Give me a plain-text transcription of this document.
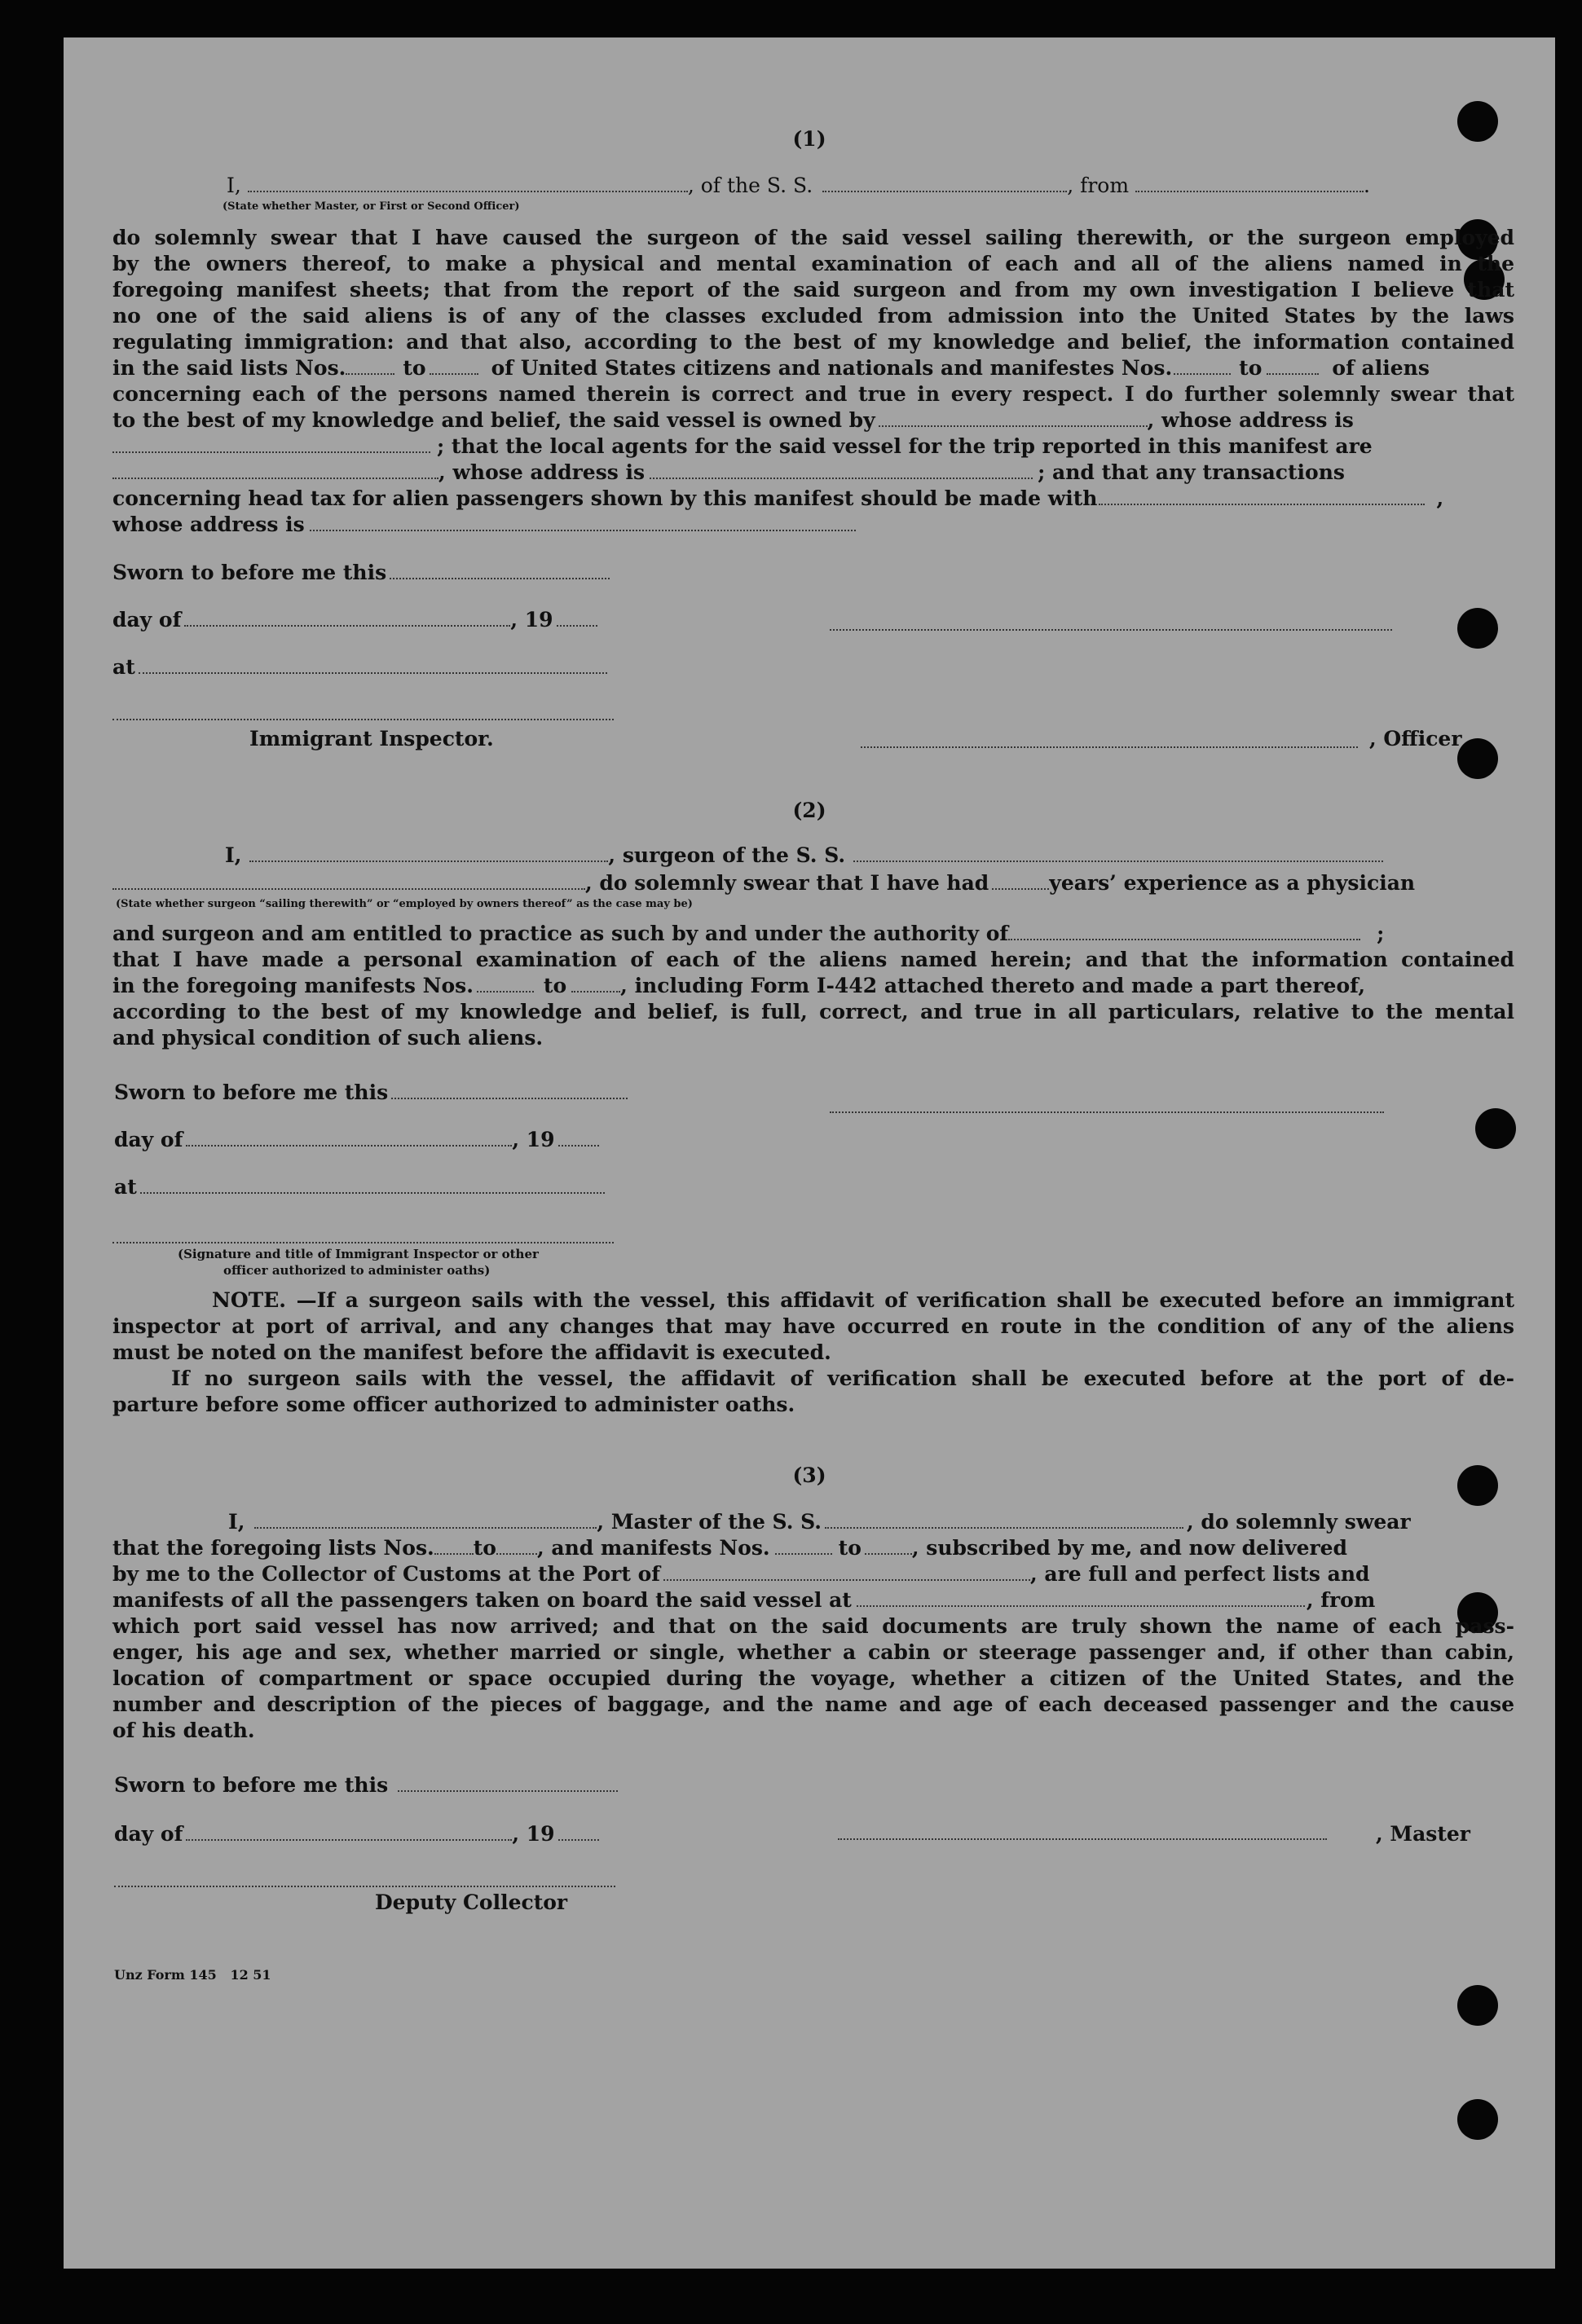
(1)
I,	, of the S. S.	, from	.
(State whether Master, or First or Second Officer)
do solemnly swear that I have caused the surgeon of the said vessel sailing therewith, or the surgeon employed
by the owners thereof, to make a physical and mental examination of each and all of the aliens named in the
foregoing manifest sheets; that from the report of the said surgeon and from my own investigation I believe that
no one of the said aliens is of any of the classes excluded from admission into the United States by the laws
regulating immigration: and that also, according to the best of my knowledge and belief, the information contained
in the said lists Nos.	to	of United States citizens and nationals and manifestes Nos.	to	of aliens
concerning each of the persons named therein is correct and true in every respect. I do further solemnly swear that
to the best of my knowledge and belief, the said vessel is owned by	, whose address is
; that the local agents for the said vessel for the trip reported in this manifest are
, whose address is	; and that any transactions
concerning head tax for alien passengers shown by this manifest should be made with	,
whose address is
Sworn to before me this
day of	, 19
at
Immigrant Inspector.	, Officer
(2)
I,	, surgeon of the S. S.
, do solemnly swear that I have had	years’ experience as a physician
(State whether surgeon “sailing therewith” or “employed by owners thereof” as the case may be)
and surgeon and am entitled to practice as such by and under the authority of	;
that I have made a personal examination of each of the aliens named herein; and that the information contained
in the foregoing manifests Nos.	to	, including Form I-442 attached thereto and made a part thereof,
according to the best of my knowledge and belief, is full, correct, and true in all particulars, relative to the mental
and physical condition of such aliens.
Sworn to before me this
day of	, 19
at
(Signature and title of Immigrant Inspector or other
officer authorized to administer oaths)
NOTE. —If a surgeon sails with the vessel, this affidavit of verification shall be executed before an immigrant
inspector at port of arrival, and any changes that may have occurred en route in the condition of any of the aliens
must be noted on the manifest before the affidavit is executed.
If no surgeon sails with the vessel, the affidavit of verification shall be executed before at the port of de-
parture before some officer authorized to administer oaths.
(3)
I,	, Master of the S. S.	, do solemnly swear
that the foregoing lists Nos. to , and manifests Nos.	to , subscribed by me, and now delivered
by me to the Collector of Customs at the Port of	, are full and perfect lists and
manifests of all the passengers taken on board the said vessel at	, from
which port said vessel has now arrived; and that on the said documents are truly shown the name of each pass-
enger, his age and sex, whether married or single, whether a cabin or steerage passenger and, if other than cabin,
location of compartment or space occupied during the voyage, whether a citizen of the United States, and the
number and description of the pieces of baggage, and the name and age of each deceased passenger and the cause
of his death.
Sworn to before me this
day of	, 19	, Master
Deputy Collector
Unz Form 145   12 51
